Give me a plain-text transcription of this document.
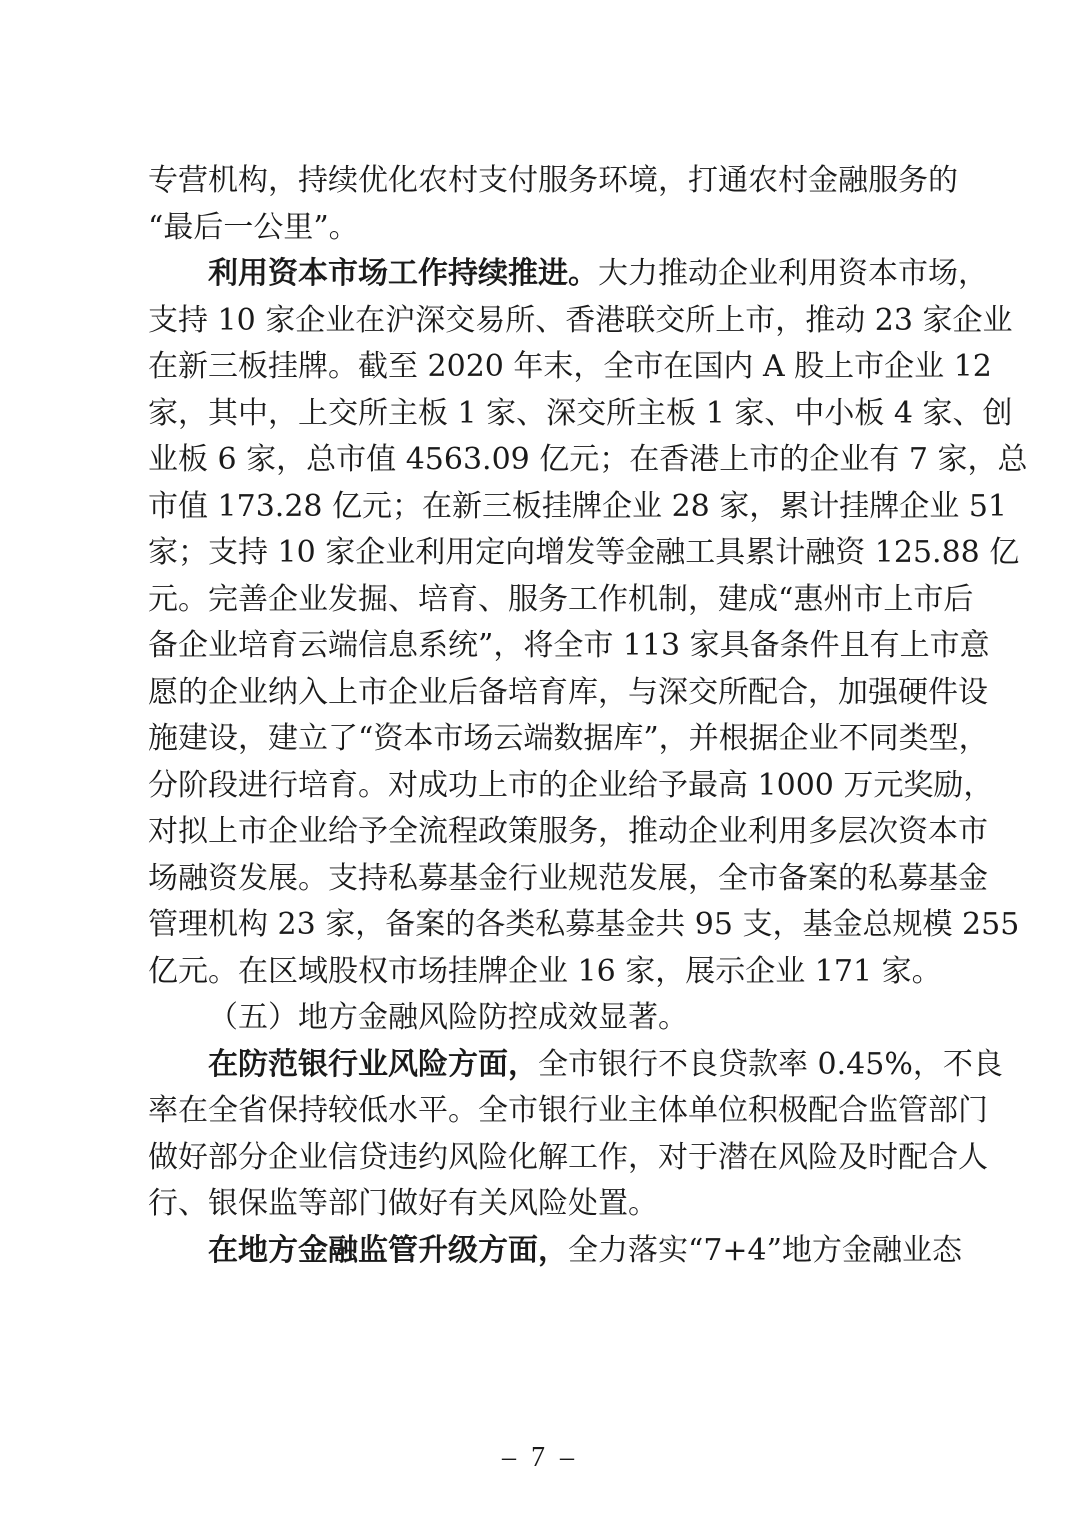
专营机构，持续优化农村支付服务环境，打通农村金融服务的
“最后一公里”。
利用资本市场工作持续推进。大力推动企业利用资本市场，
支持 10 家企业在沪深交易所、香港联交所上市，推动 23 家企业
在新三板挂牌。截至 2020 年末，全市在国内 A 股上市企业 12
家，其中，上交所主板 1 家、深交所主板 1 家、中小板 4 家、创
业板 6 家，总市值 4563.09 亿元；在香港上市的企业有 7 家，总
市值 173.28 亿元；在新三板挂牌企业 28 家，累计挂牌企业 51
家；支持 10 家企业利用定向增发等金融工具累计融资 125.88 亿
元。完善企业发掘、培育、服务工作机制，建成“惠州市上市后
备企业培育云端信息系统”，将全市 113 家具备条件且有上市意
愿的企业纳入上市企业后备培育库，与深交所配合，加强硬件设
施建设，建立了“资本市场云端数据库”，并根据企业不同类型，
分阶段进行培育。对成功上市的企业给予最高 1000 万元奖励，
对拟上市企业给予全流程政策服务，推动企业利用多层次资本市
场融资发展。支持私募基金行业规范发展，全市备案的私募基金
管理机构 23 家，备案的各类私募基金共 95 支，基金总规模 255
亿元。在区域股权市场挂牌企业 16 家，展示企业 171 家。
（五）地方金融风险防控成效显著。
在防范银行业风险方面，全市银行不良贷款率 0.45%，不良
率在全省保持较低水平。全市银行业主体单位积极配合监管部门
做好部分企业信贷违约风险化解工作，对于潜在风险及时配合人
行、银保监等部门做好有关风险处置。
在地方金融监管升级方面，全力落实“7+4”地方金融业态
– 7 –
